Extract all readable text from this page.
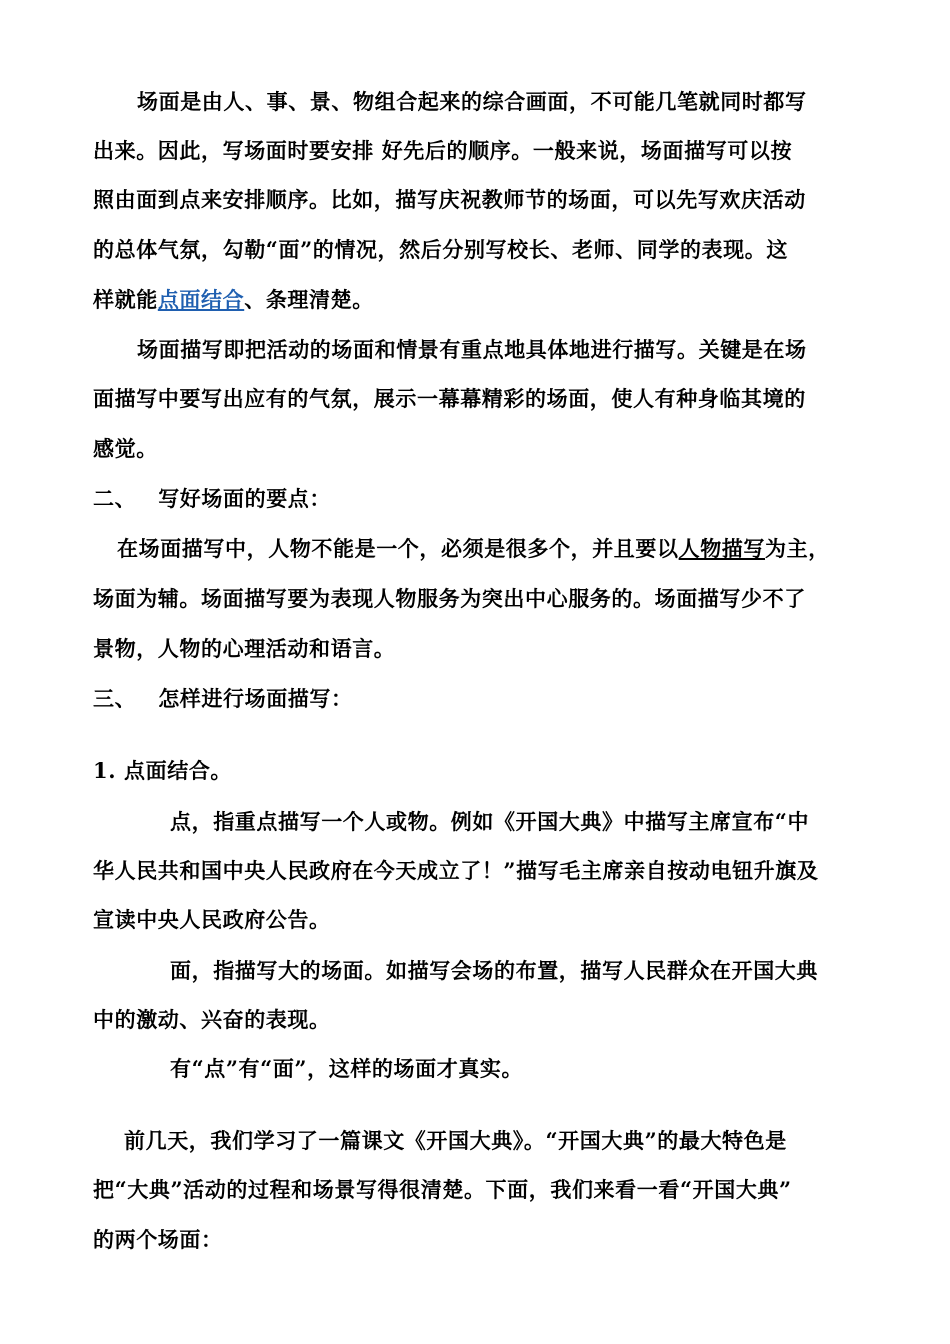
场面是由人、事、景、物组合起来的综合画面，不可能几笔就同时都写
出来。因此，写场面时要安排 好先后的顺序。一般来说，场面描写可以按
照由面到点来安排顺序。比如，描写庆祝教师节的场面，可以先写欢庆活动
的总体气氛，勾勒“面”的情况，然后分别写校长、老师、同学的表现。这
样就能点面结合、条理清楚。
场面描写即把活动的场面和情景有重点地具体地进行描写。关键是在场
面描写中要写出应有的气氛，展示一幕幕精彩的场面，使人有种身临其境的
感觉。
二、 写好场面的要点：
在场面描写中，人物不能是一个，必须是很多个，并且要以人物描写为主，
场面为辅。场面描写要为表现人物服务为突出中心服务的。场面描写少不了
景物，人物的心理活动和语言。
三、 怎样进行场面描写：
1. 点面结合。
点，指重点描写一个人或物。例如《开国大典》中描写主席宣布“中
华人民共和国中央人民政府在今天成立了！”描写毛主席亲自按动电钮升旗及
宣读中央人民政府公告。
面，指描写大的场面。如描写会场的布置，描写人民群众在开国大典
中的激动、兴奋的表现。
有“点”有“面”，这样的场面才真实。
前几天，我们学习了一篇课文《开国大典》。“开国大典”的最大特色是
把“大典”活动的过程和场景写得很清楚。下面，我们来看一看“开国大典”
的两个场面：
